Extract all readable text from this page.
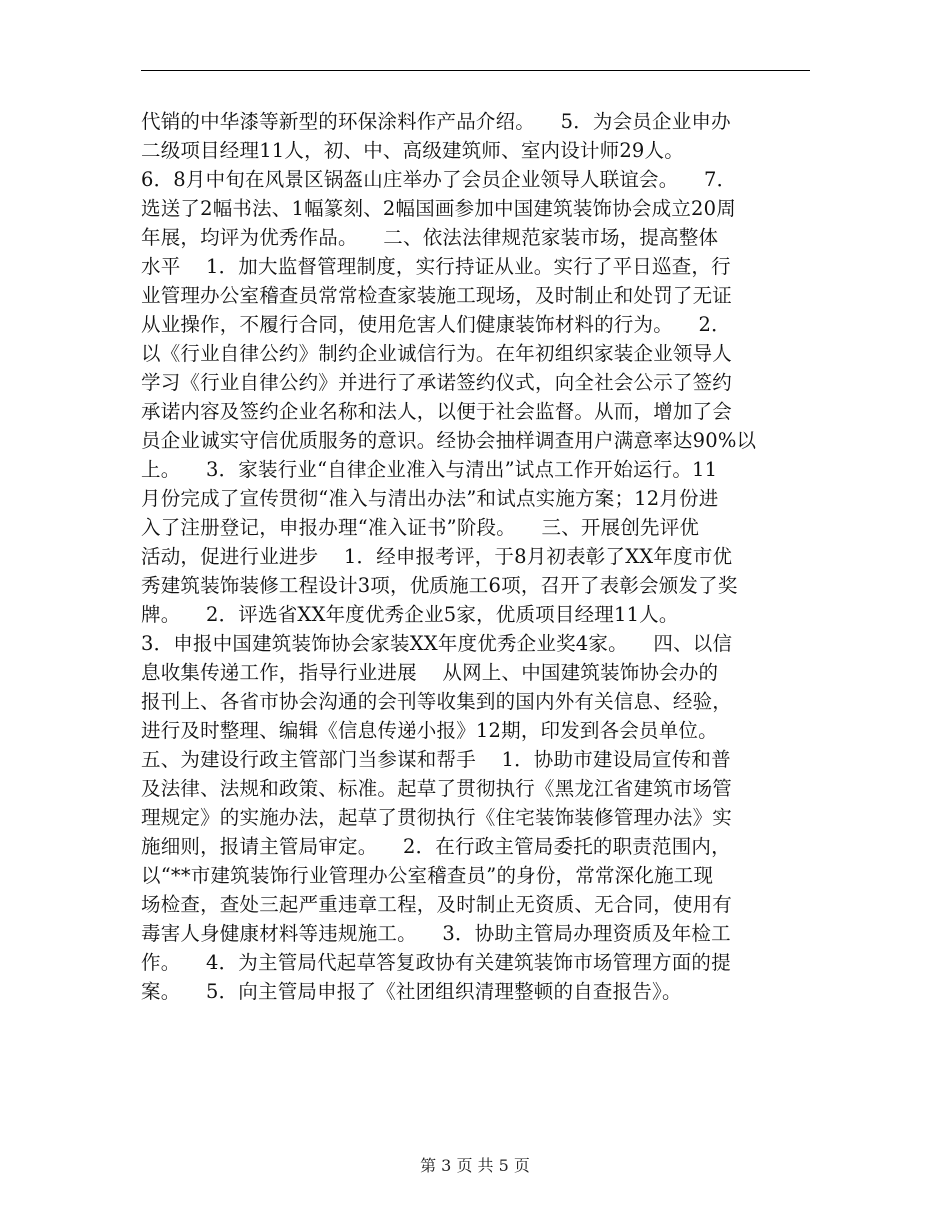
代销的中华漆等新型的环保涂料作产品介绍。    5．为会员企业申办
二级项目经理11人，初、中、高级建筑师、室内设计师29人。
6．8月中旬在风景区锅盔山庄举办了会员企业领导人联谊会。    7．
选送了2幅书法、1幅篆刻、2幅国画参加中国建筑装饰协会成立20周
年展，均评为优秀作品。    二、依法法律规范家装市场，提高整体
水平    1．加大监督管理制度，实行持证从业。实行了平日巡查，行
业管理办公室稽查员常常检查家装施工现场，及时制止和处罚了无证
从业操作，不履行合同，使用危害人们健康装饰材料的行为。    2．
以《行业自律公约》制约企业诚信行为。在年初组织家装企业领导人
学习《行业自律公约》并进行了承诺签约仪式，向全社会公示了签约
承诺内容及签约企业名称和法人，以便于社会监督。从而，增加了会
员企业诚实守信优质服务的意识。经协会抽样调查用户满意率达90%以
上。    3．家装行业“自律企业准入与清出”试点工作开始运行。11
月份完成了宣传贯彻“准入与清出办法”和试点实施方案；12月份进
入了注册登记，申报办理“准入证书”阶段。    三、开展创先评优
活动，促进行业进步    1．经申报考评，于8月初表彰了XX年度市优
秀建筑装饰装修工程设计3项，优质施工6项，召开了表彰会颁发了奖
牌。    2．评选省XX年度优秀企业5家，优质项目经理11人。
3．申报中国建筑装饰协会家装XX年度优秀企业奖4家。    四、以信
息收集传递工作，指导行业进展    从网上、中国建筑装饰协会办的
报刊上、各省市协会沟通的会刊等收集到的国内外有关信息、经验，
进行及时整理、编辑《信息传递小报》12期，印发到各会员单位。
五、为建设行政主管部门当参谋和帮手    1．协助市建设局宣传和普
及法律、法规和政策、标准。起草了贯彻执行《黑龙江省建筑市场管
理规定》的实施办法，起草了贯彻执行《住宅装饰装修管理办法》实
施细则，报请主管局审定。    2．在行政主管局委托的职责范围内，
以“**市建筑装饰行业管理办公室稽查员”的身份，常常深化施工现
场检查，查处三起严重违章工程，及时制止无资质、无合同，使用有
毒害人身健康材料等违规施工。    3．协助主管局办理资质及年检工
作。    4．为主管局代起草答复政协有关建筑装饰市场管理方面的提
案。    5．向主管局申报了《社团组织清理整顿的自查报告》。
第 3 页 共 5 页
